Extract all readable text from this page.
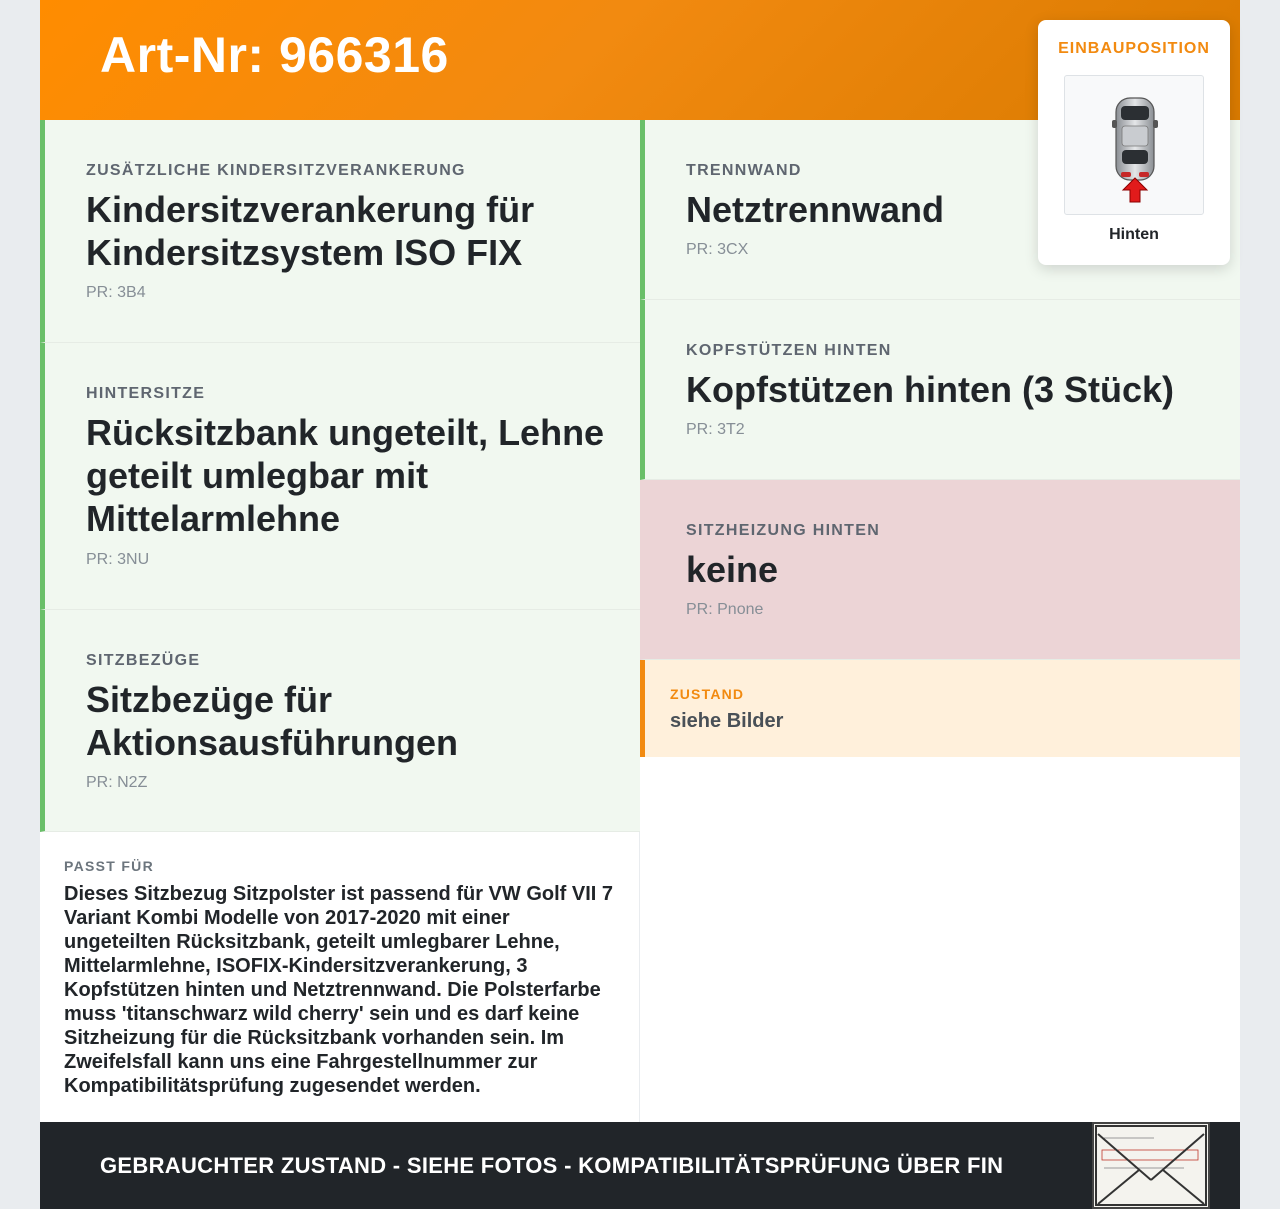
Art-Nr: 966316	EINBAUPOSITION
Hinten
ZUSÄTZLICHE KINDERSITZVERANKERUNG
Kindersitzverankerung für Kindersitzsystem ISO FIX
PR: 3B4
HINTERSITZE
Rücksitzbank ungeteilt, Lehne geteilt umlegbar mit Mittelarmlehne
PR: 3NU
SITZBEZÜGE
Sitzbezüge für Aktionsausführungen
PR: N2Z
TRENNWAND
Netztrennwand
PR: 3CX
KOPFSTÜTZEN HINTEN
Kopfstützen hinten (3 Stück)
PR: 3T2
SITZHEIZUNG HINTEN
keine
PR: Pnone
ZUSTAND
siehe Bilder
PASST FÜR
Dieses Sitzbezug Sitzpolster ist passend für VW Golf VII 7 Variant Kombi Modelle von 2017-2020 mit einer ungeteilten Rücksitzbank, geteilt umlegbarer Lehne, Mittelarmlehne, ISOFIX-Kindersitzverankerung, 3 Kopfstützen hinten und Netztrennwand. Die Polsterfarbe muss 'titanschwarz wild cherry' sein und es darf keine Sitzheizung für die Rücksitzbank vorhanden sein. Im Zweifelsfall kann uns eine Fahrgestellnummer zur Kompatibilitätsprüfung zugesendet werden.
GEBRAUCHTER ZUSTAND - SIEHE FOTOS - KOMPATIBILITÄTSPRÜFUNG ÜBER FIN
